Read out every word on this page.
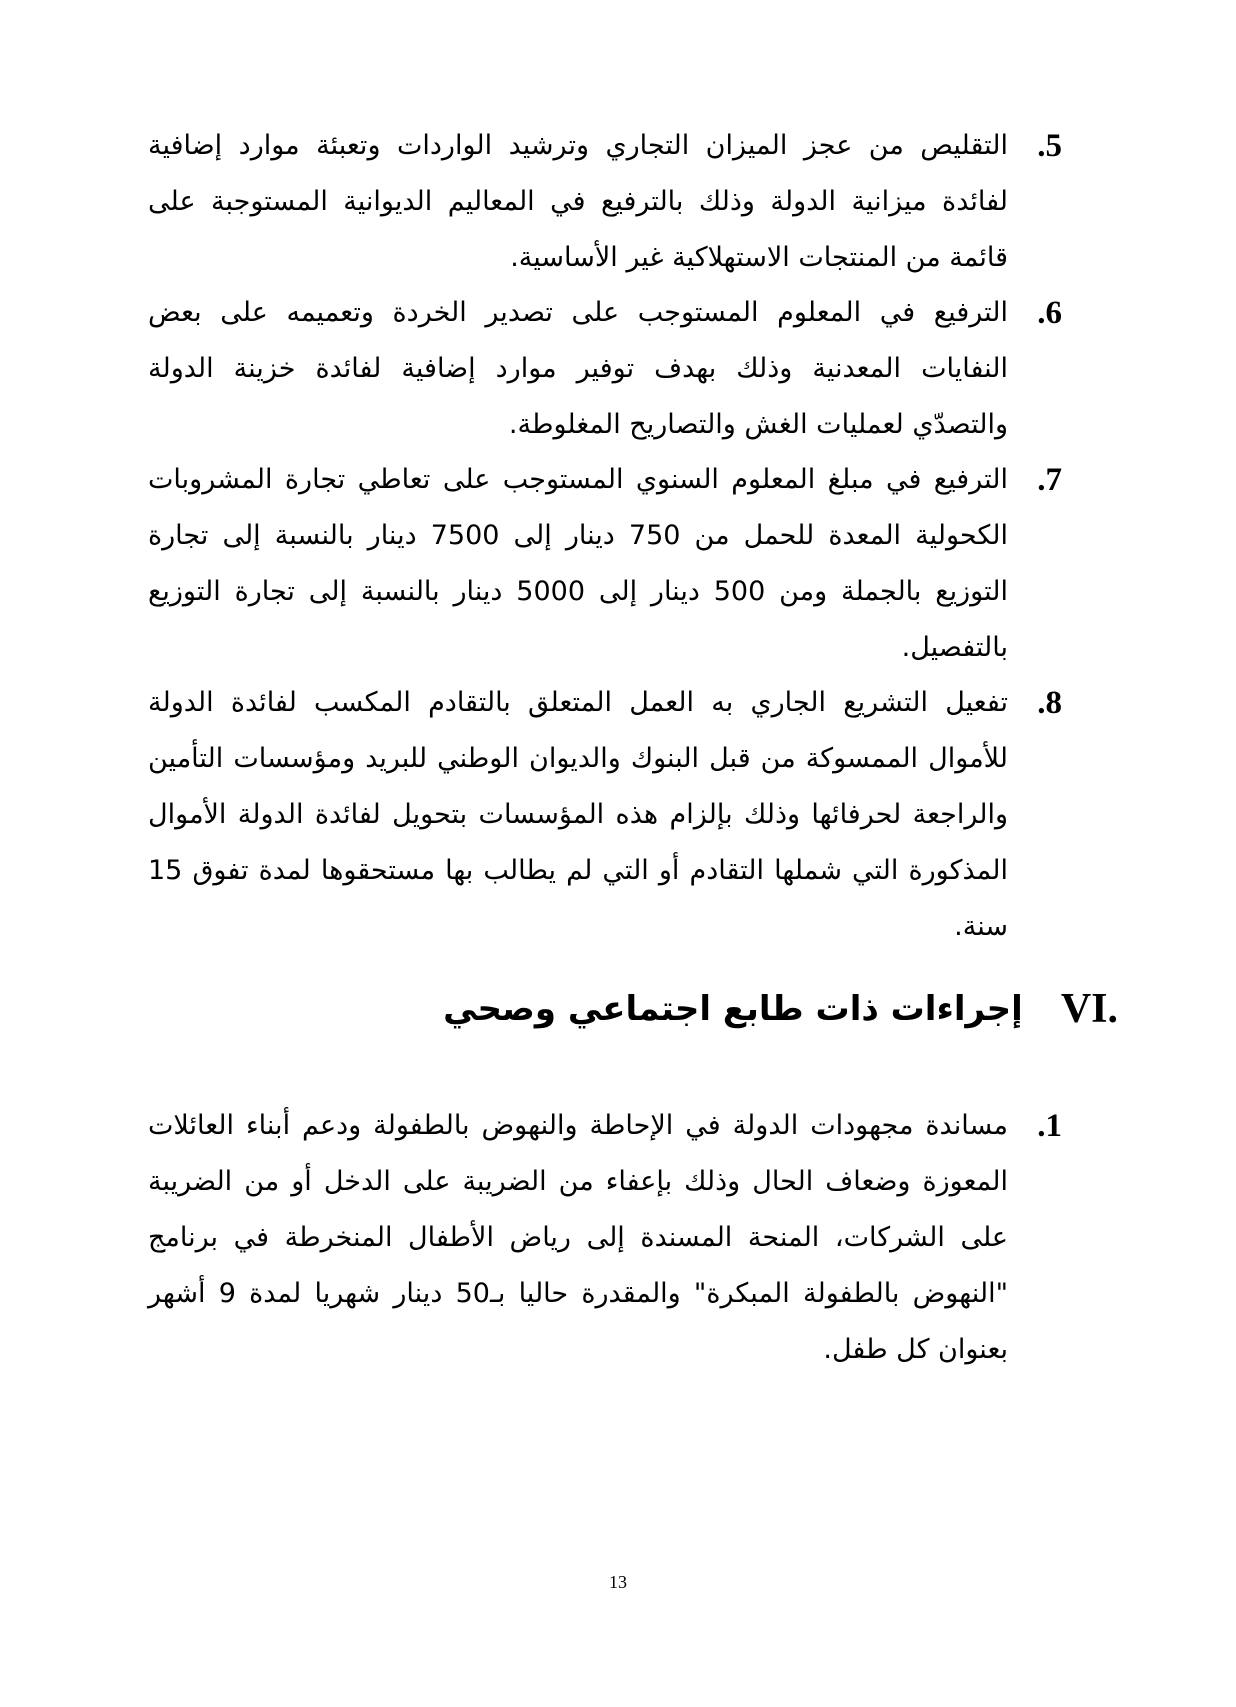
.5
التقليص من عجز الميزان التجاري وترشيد الواردات وتعبئة موارد إضافية لفائدة ميزانية الدولة وذلك بالترفيع في المعاليم الديوانية المستوجبة على قائمة من المنتجات الاستهلاكية غير الأساسية.
.6
الترفيع في المعلوم المستوجب على تصدير الخردة وتعميمه على بعض النفايات المعدنية وذلك بهدف توفير موارد إضافية لفائدة خزينة الدولة والتصدّي لعمليات الغش والتصاريح المغلوطة.
.7
الترفيع في مبلغ المعلوم السنوي المستوجب على تعاطي تجارة المشروبات الكحولية المعدة للحمل من 750 دينار إلى 7500 دينار بالنسبة إلى تجارة التوزيع بالجملة ومن 500 دينار إلى 5000 دينار بالنسبة إلى تجارة التوزيع بالتفصيل.
.8
تفعيل التشريع الجاري به العمل المتعلق بالتقادم المكسب لفائدة الدولة للأموال الممسوكة من قبل البنوك والديوان الوطني للبريد ومؤسسات التأمين والراجعة لحرفائها وذلك بإلزام هذه المؤسسات بتحويل لفائدة الدولة الأموال المذكورة التي شملها التقادم أو التي لم يطالب بها مستحقوها لمدة تفوق 15 سنة.
إجراءات ذات طابع اجتماعي وصحي VI.
.1
مساندة مجهودات الدولة في الإحاطة والنهوض بالطفولة ودعم أبناء العائلات المعوزة وضعاف الحال وذلك بإعفاء من الضريبة على الدخل أو من الضريبة على الشركات، المنحة المسندة إلى رياض الأطفال المنخرطة في برنامج "النهوض بالطفولة المبكرة" والمقدرة حاليا بـ50 دينار شهريا لمدة 9 أشهر بعنوان كل طفل.
13
